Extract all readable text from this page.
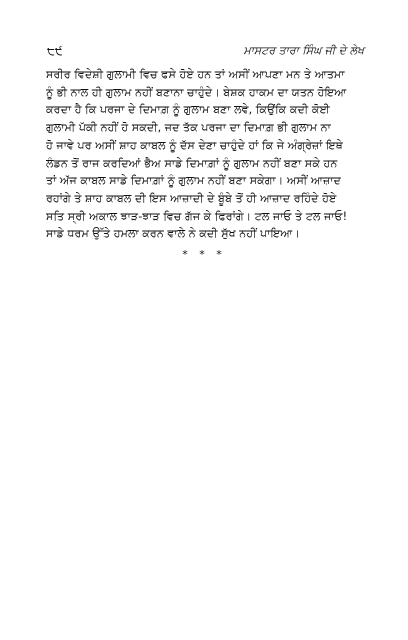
੮੯	ਮਾਸਟਰ ਤਾਰਾ ਸਿੰਘ ਜੀ ਦੇ ਲੇਖ
ਸਰੀਰ ਵਿਦੇਸ਼ੀ ਗੁਲਾਮੀ ਵਿਚ ਫਸੇ ਹੋਏ ਹਨ ਤਾਂ ਅਸੀਂ ਆਪਣਾ ਮਨ ਤੇ ਆਤਮਾ
ਨੂੰ ਭੀ ਨਾਲ ਹੀ ਗੁਲਾਮ ਨਹੀਂ ਬਣਾਨਾ ਚਾਹੁੰਦੇ। ਬੇਸ਼ਕ ਹਾਕਮ ਦਾ ਯਤਨ ਹੋਇਆ
ਕਰਦਾ ਹੈ ਕਿ ਪਰਜਾ ਦੇ ਦਿਮਾਗ਼ ਨੂੰ ਗੁਲਾਮ ਬਣਾ ਲਵੇ, ਕਿਉਂਕਿ ਕਦੀ ਕੋਈ
ਗੁਲਾਮੀ ਪੱਕੀ ਨਹੀਂ ਹੋ ਸਕਦੀ, ਜਦ ਤੱਕ ਪਰਜਾ ਦਾ ਦਿਮਾਗ਼ ਭੀ ਗੁਲਾਮ ਨਾ
ਹੋ ਜਾਵੇ ਪਰ ਅਸੀਂ ਸ਼ਾਹ ਕਾਬਲ ਨੂੰ ਦੱਸ ਦੇਣਾ ਚਾਹੁੰਦੇ ਹਾਂ ਕਿ ਜੇ ਅੰਗ੍ਰੇਜ਼ਾਂ ਇਥੇ
ਲੰਡਨ ਤੋਂ ਰਾਜ ਕਰਦਿਆਂ ਭੈਅ ਸਾਡੇ ਦਿਮਾਗ਼ਾਂ ਨੂੰ ਗੁਲਾਮ ਨਹੀਂ ਬਣਾ ਸਕੇ ਹਨ
ਤਾਂ ਅੱਜ ਕਾਬਲ ਸਾਡੇ ਦਿਮਾਗ਼ਾਂ ਨੂੰ ਗੁਲਾਮ ਨਹੀਂ ਬਣਾ ਸਕੇਗਾ। ਅਸੀਂ ਆਜ਼ਾਦ
ਰਹਾਂਗੇ ਤੇ ਸ਼ਾਹ ਕਾਬਲ ਦੀ ਇਸ ਆਜ਼ਾਦੀ ਦੇ ਬੂੰਬੇ ਤੋਂ ਹੀ ਆਜ਼ਾਦ ਰਹਿੰਦੇ ਹੋਏ
ਸਤਿ ਸ੍ਰੀ ਅਕਾਲ ਝਾੜ-ਝਾੜ ਵਿਚ ਗੱਜ ਕੇ ਫਿਰਾਂਗੇ। ਟਲ ਜਾਓ ਤੇ ਟਲ ਜਾਓ!
ਸਾਡੇ ਧਰਮ ਉੱਤੇ ਹਮਲਾ ਕਰਨ ਵਾਲੇ ਨੇ ਕਦੀ ਸੁੱਖ ਨਹੀਂ ਪਾਇਆ।
* * *
